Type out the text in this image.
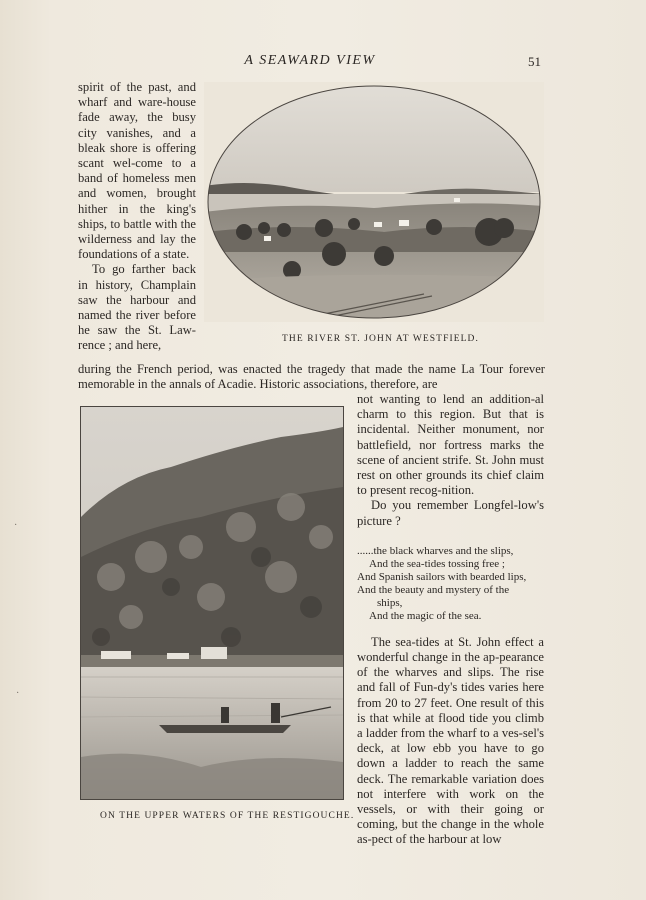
A SEAWARD VIEW	51
THE RIVER ST. JOHN AT WESTFIELD.

spirit of the past, and wharf and ware-house fade away, the busy city vanishes, and a bleak shore is offering scant wel-come to a band of homeless men and women, brought hither in the king's ships, to battle with the wilderness and lay the foundations of a state.

To go farther back in history, Champlain saw the harbour and named the river before he saw the St. Law-rence ; and here,

during the French period, was enacted the tragedy that made the name La Tour forever memorable in the annals of Acadie. Historic associations, therefore, are

ON THE UPPER WATERS OF THE RESTIGOUCHE.

not wanting to lend an addition-al charm to this region. But that is incidental. Neither monument, nor battlefield, nor fortress marks the scene of ancient strife. St. John must rest on other grounds its chief claim to present recog-nition.

Do you remember Longfel-low's picture ?

......the black wharves and the slips,
And the sea-tides tossing free ;
And Spanish sailors with bearded lips,
And the beauty and mystery of the
ships,
And the magic of the sea.

The sea-tides at St. John effect a wonderful change in the ap-pearance of the wharves and slips. The rise and fall of Fun-dy's tides varies here from 20 to 27 feet. One result of this is that while at flood tide you climb a ladder from the wharf to a ves-sel's deck, at low ebb you have to go down a ladder to reach the same deck. The remarkable variation does not interfere with work on the vessels, or with their going or coming, but the change in the whole as-pect of the harbour at low

·
·
